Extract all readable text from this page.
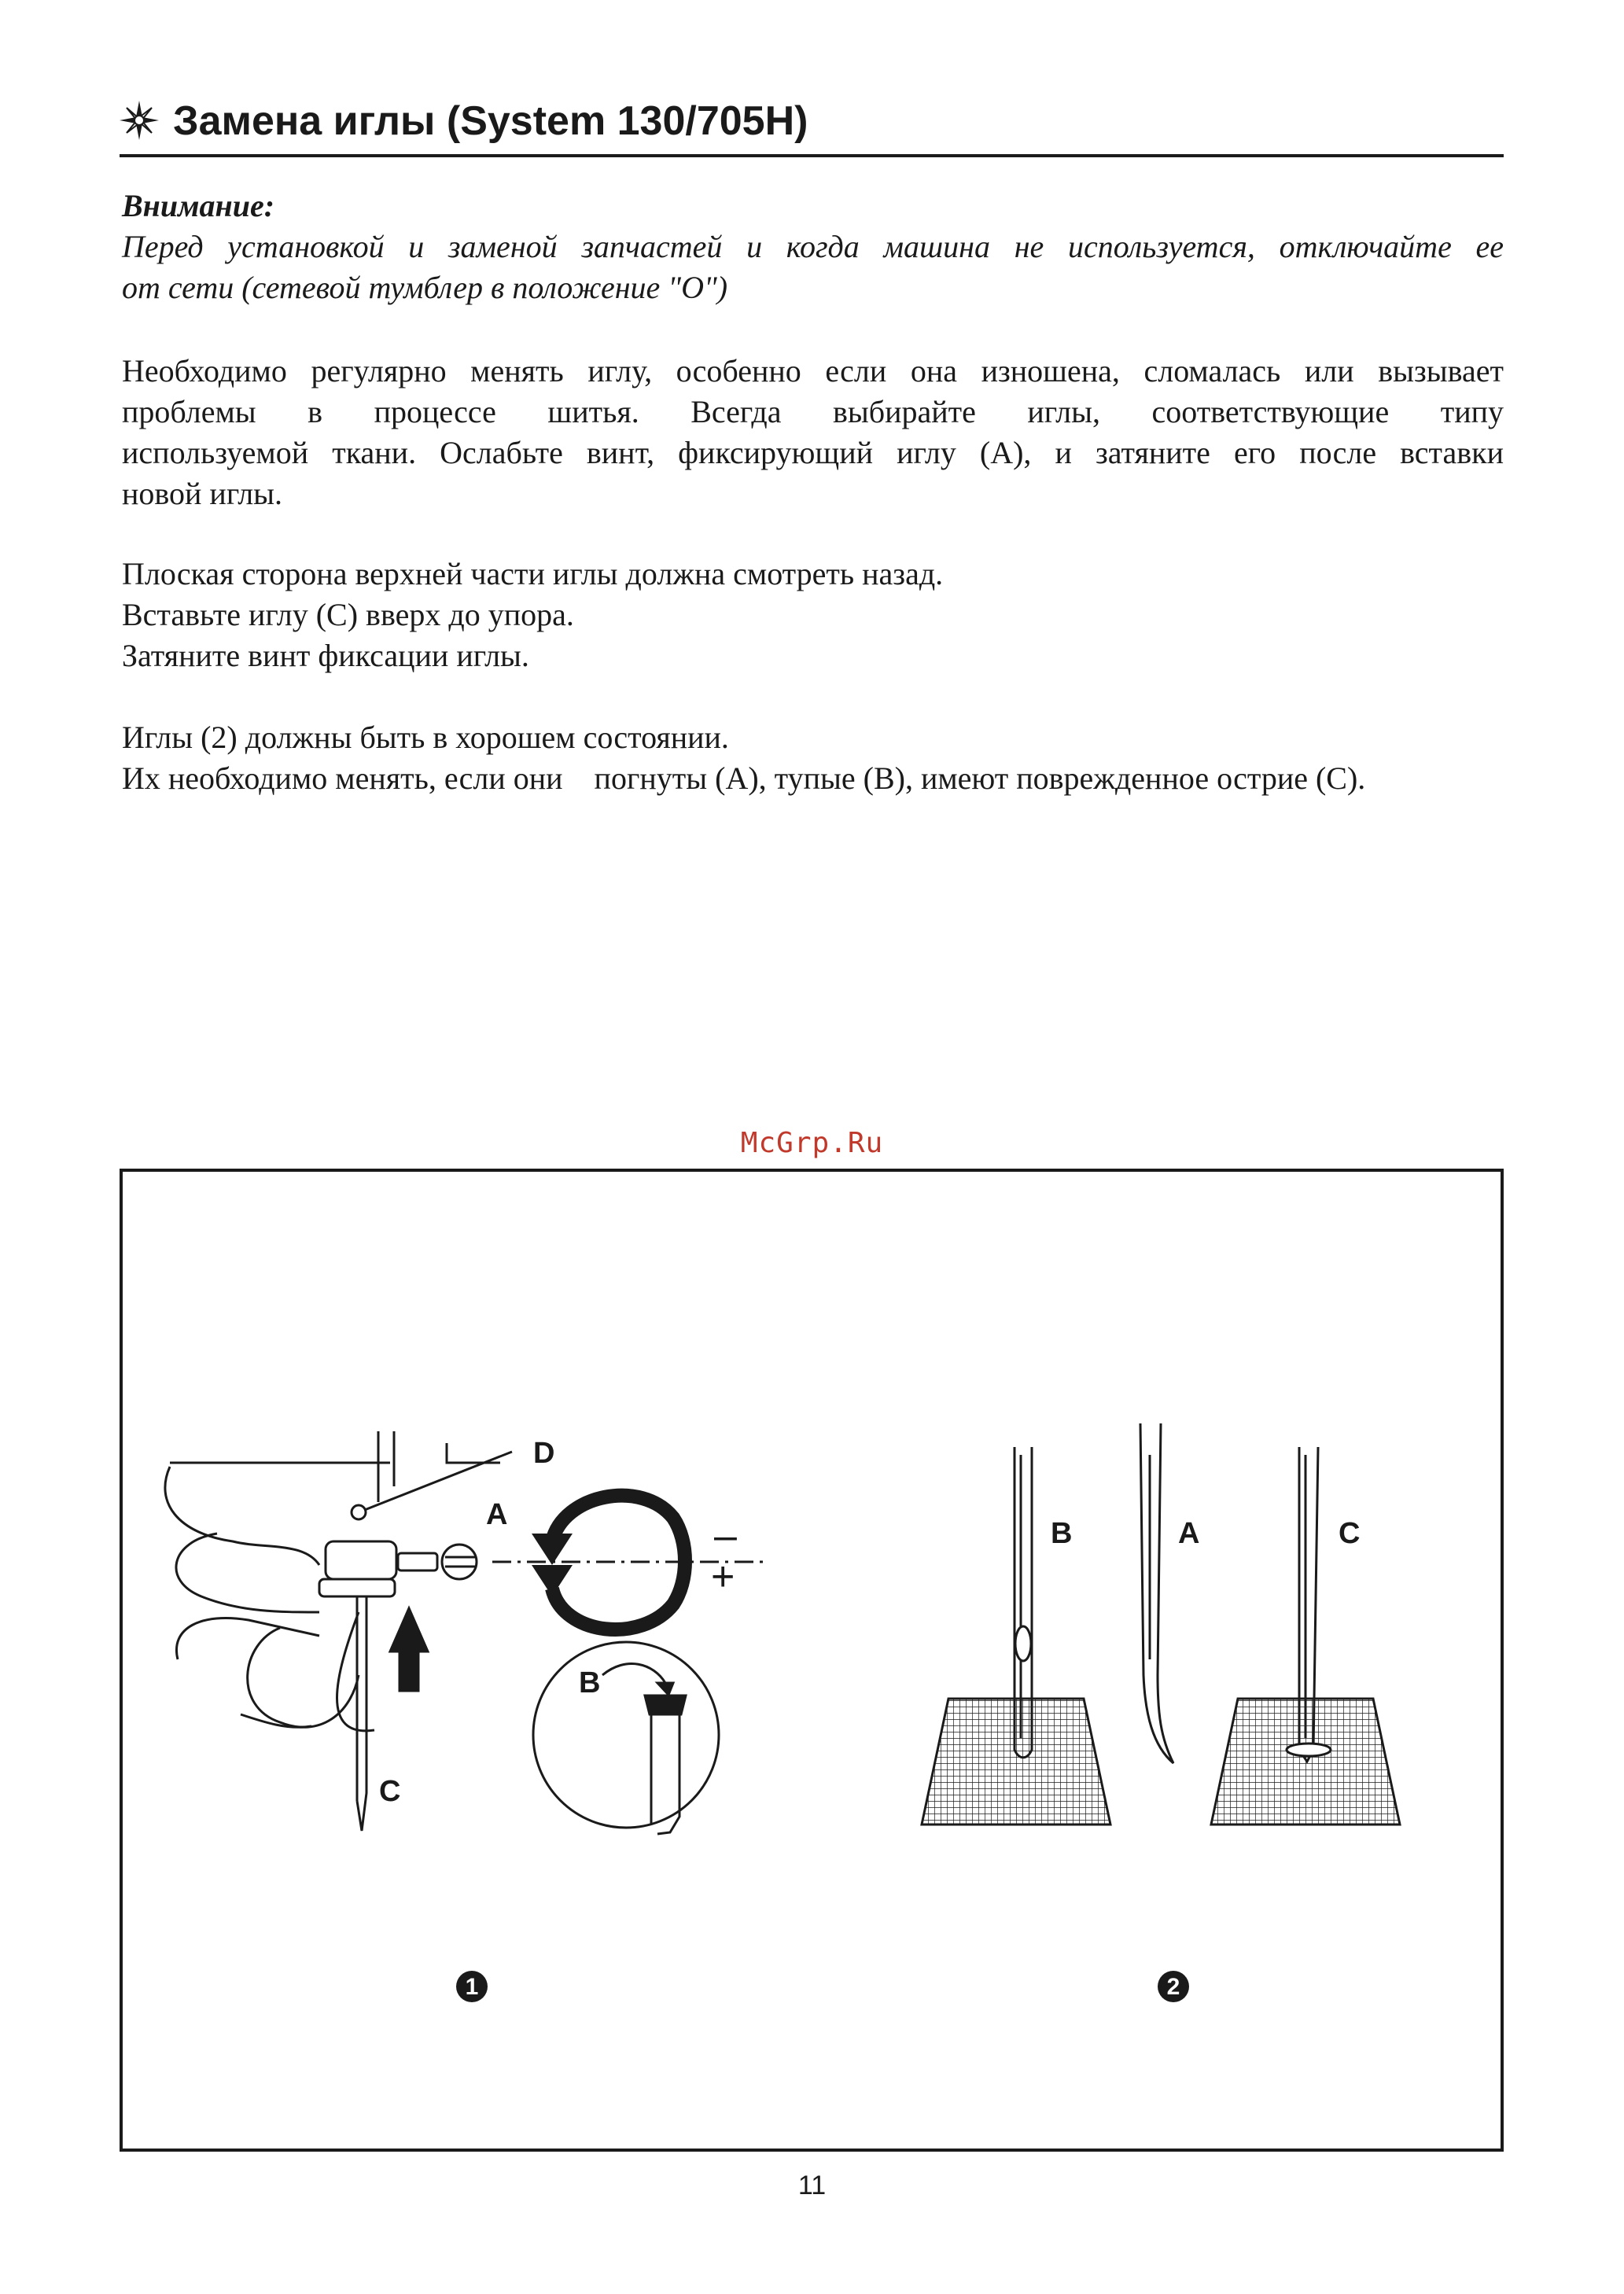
Замена иглы (System 130/705H)
Внимание:
Перед установкой и заменой запчастей и когда машина не используется, отключайте ее
от сети (сетевой тумблер в положение "O")
Необходимо регулярно менять иглу, особенно если она изношена, сломалась или вызывает
проблемы в процессе шитья. Всегда выбирайте иглы, соответствующие типу
используемой ткани. Ослабьте винт, фиксирующий иглу (A), и затяните его после вставки
новой иглы.
Плоская сторона верхней части иглы должна смотреть назад.
Вставьте иглу (C) вверх до упора.
Затяните винт фиксации иглы.
Иглы (2) должны быть в хорошем состоянии.
Их необходимо менять, если они    погнуты (A), тупые (B), имеют поврежденное острие (C).
McGrp.Ru
–
+
D
A
B
C
1
B	A	C
2
11
